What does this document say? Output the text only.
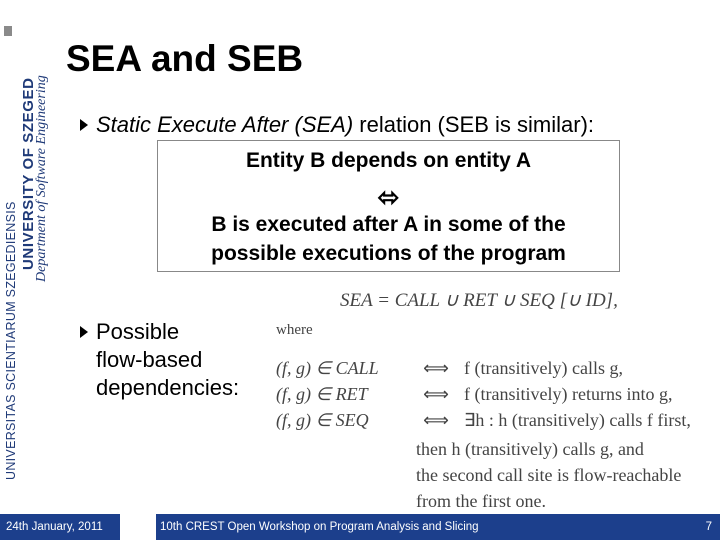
UNIVERSITAS SCIENTIARUM SZEGEDIENSIS
UNIVERSITY OF SZEGED
Department of Software Engineering
SEA and SEB
Static Execute After (SEA) relation (SEB is similar):
Entity B depends on entity A
⬄
B is executed after A in some of the
possible executions of the program
SEA = CALL ∪ RET ∪ SEQ [∪ ID],
Possible
flow-based
dependencies:
where
(f, g) ∈ CALL ⟺ f (transitively) calls g,
(f, g) ∈ RET	⟺ f (transitively) returns into g,
(f, g) ∈ SEQ	⟺ ∃h : h (transitively) calls f first,
then h (transitively) calls g, and
the second call site is flow-reachable
from the first one.
24th January, 2011	10th CREST Open Workshop on Program Analysis and Slicing	7
